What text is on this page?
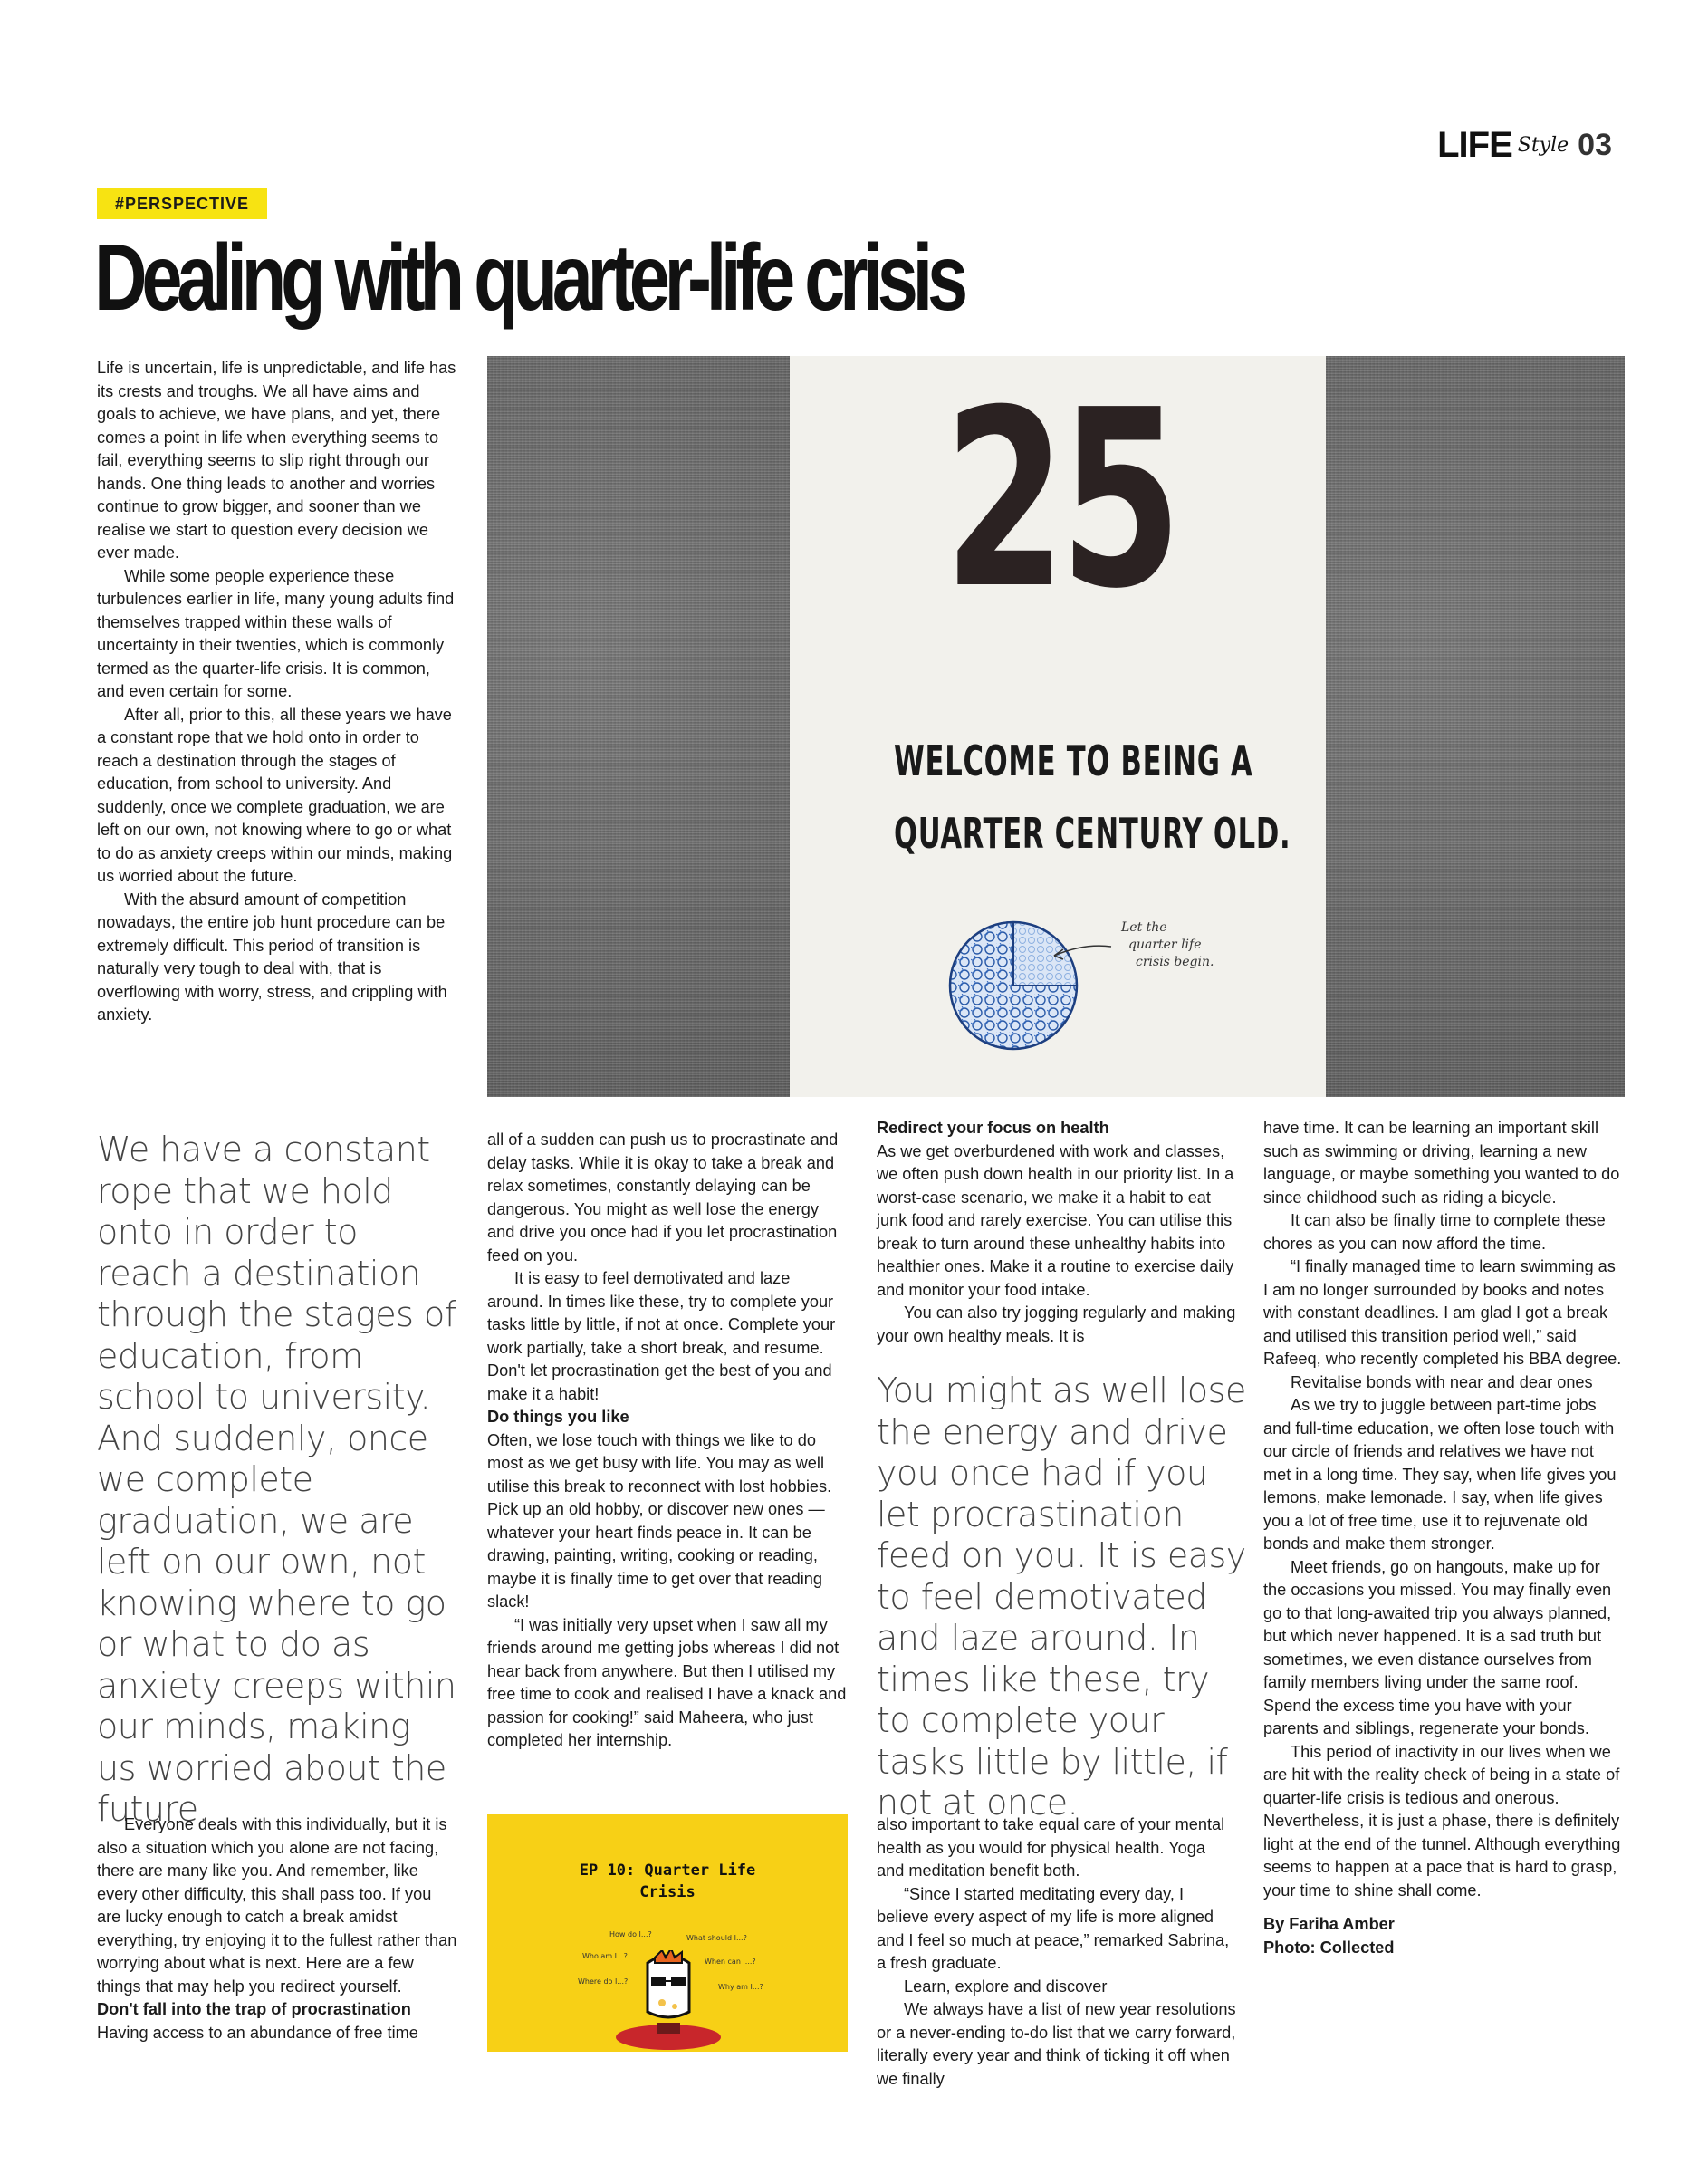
LIFE Style 03
#PERSPECTIVE
Dealing with quarter-life crisis

Life is uncertain, life is unpredictable, and life has its crests and troughs. We all have aims and goals to achieve, we have plans, and yet, there comes a point in life when everything seems to fail, everything seems to slip right through our hands. One thing leads to another and worries continue to grow bigger, and sooner than we realise we start to question every decision we ever made.

While some people experience these turbulences earlier in life, many young adults find themselves trapped within these walls of uncertainty in their twenties, which is commonly termed as the quarter-life crisis. It is common, and even certain for some.

After all, prior to this, all these years we have a constant rope that we hold onto in order to reach a destination through the stages of education, from school to university. And suddenly, once we complete graduation, we are left on our own, not knowing where to go or what to do as anxiety creeps within our minds, making us worried about the future.

With the absurd amount of competition nowadays, the entire job hunt procedure can be extremely difficult. This period of transition is naturally very tough to deal with, that is overflowing with worry, stress, and crippling with anxiety.

25
WELCOME TO BEING A
QUARTER CENTURY OLD.
Let the
quarter life
crisis begin.
We have a constant rope that we hold onto in order to reach a destination through the stages of education, from school to university. And suddenly, once we complete graduation, we are left on our own, not knowing where to go or what to do as anxiety creeps within our minds, making us worried about the future.

Everyone deals with this individually, but it is also a situation which you alone are not facing, there are many like you. And remember, like every other difficulty, this shall pass too. If you are lucky enough to catch a break amidst everything, try enjoying it to the fullest rather than worrying about what is next. Here are a few things that may help you redirect yourself.

Don't fall into the trap of procrastination

Having access to an abundance of free time

all of a sudden can push us to procrastinate and delay tasks. While it is okay to take a break and relax sometimes, constantly delaying can be dangerous. You might as well lose the energy and drive you once had if you let procrastination feed on you.

It is easy to feel demotivated and laze around. In times like these, try to complete your tasks little by little, if not at once. Complete your work partially, take a short break, and resume. Don't let procrastination get the best of you and make it a habit!

Do things you like

Often, we lose touch with things we like to do most as we get busy with life. You may as well utilise this break to reconnect with lost hobbies. Pick up an old hobby, or discover new ones —whatever your heart finds peace in. It can be drawing, painting, writing, cooking or reading, maybe it is finally time to get over that reading slack!

“I was initially very upset when I saw all my friends around me getting jobs whereas I did not hear back from anywhere. But then I utilised my free time to cook and realised I have a knack and passion for cooking!” said Maheera, who just completed her internship.

EP 10: Quarter Life
Crisis
How do I...?	What should I...?
Who am I...?
When can I...?
Where do I...?
Why am I...?

Redirect your focus on health

As we get overburdened with work and classes, we often push down health in our priority list. In a worst-case scenario, we make it a habit to eat junk food and rarely exercise. You can utilise this break to turn around these unhealthy habits into healthier ones. Make it a routine to exercise daily and monitor your food intake.

You can also try jogging regularly and making your own healthy meals. It is

You might as well lose the energy and drive you once had if you let procrastination feed on you. It is easy to feel demotivated and laze around. In times like these, try to complete your tasks little by little, if not at once.

also important to take equal care of your mental health as you would for physical health. Yoga and meditation benefit both.

“Since I started meditating every day, I believe every aspect of my life is more aligned and I feel so much at peace,” remarked Sabrina, a fresh graduate.

Learn, explore and discover

We always have a list of new year resolutions or a never-ending to-do list that we carry forward, literally every year and think of ticking it off when we finally

have time. It can be learning an important skill such as swimming or driving, learning a new language, or maybe something you wanted to do since childhood such as riding a bicycle.

It can also be finally time to complete these chores as you can now afford the time.

“I finally managed time to learn swimming as I am no longer surrounded by books and notes with constant deadlines. I am glad I got a break and utilised this transition period well,” said Rafeeq, who recently completed his BBA degree.

Revitalise bonds with near and dear ones

As we try to juggle between part-time jobs and full-time education, we often lose touch with our circle of friends and relatives we have not met in a long time. They say, when life gives you lemons, make lemonade. I say, when life gives you a lot of free time, use it to rejuvenate old bonds and make them stronger.

Meet friends, go on hangouts, make up for the occasions you missed. You may finally even go to that long-awaited trip you always planned, but which never happened. It is a sad truth but sometimes, we even distance ourselves from family members living under the same roof. Spend the excess time you have with your parents and siblings, regenerate your bonds.

This period of inactivity in our lives when we are hit with the reality check of being in a state of quarter-life crisis is tedious and onerous. Nevertheless, it is just a phase, there is definitely light at the end of the tunnel. Although everything seems to happen at a pace that is hard to grasp, your time to shine shall come.

By Fariha Amber

Photo: Collected
